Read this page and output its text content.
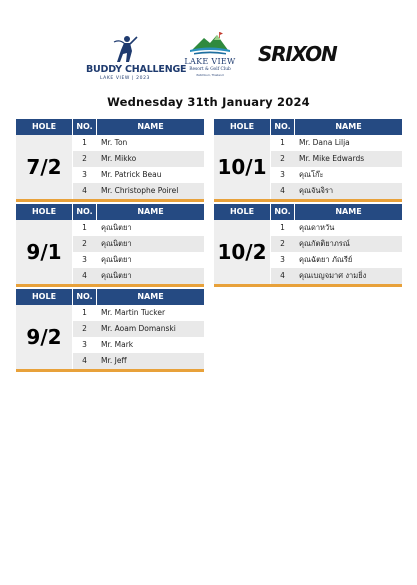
BUDDY CHALLENGE
LAKE VIEW | 2023
LAKE VIEW
Resort & Golf Club
Petchburi, Thailand
SRIXON
Wednesday 31th January 2024
HOLE	NO.	NAME
7/2
1	Mr. Ton
2	Mr. Mikko
3	Mr. Patrick Beau
4	Mr. Christophe Poirel
HOLE	NO.	NAME
10/1
1	Mr. Dana Lilja
2	Mr. Mike Edwards
3	คุณโก๊ะ
4	คุณจันจิรา
HOLE	NO.	NAME
9/1
1	คุณนิตยา
2	คุณนิตยา
3	คุณนิตยา
4	คุณนิตยา
HOLE	NO.	NAME
10/2
1	คุณดาหวัน
2	คุณกัตติยาภรณ์
3	คุณฉัตยา ภัณรีย์
4	คุณเบญจมาศ งามยิ่ง
HOLE	NO.	NAME
9/2
1	Mr. Martin Tucker
2	Mr. Aoam Domanski
3	Mr. Mark
4	Mr. Jeff
